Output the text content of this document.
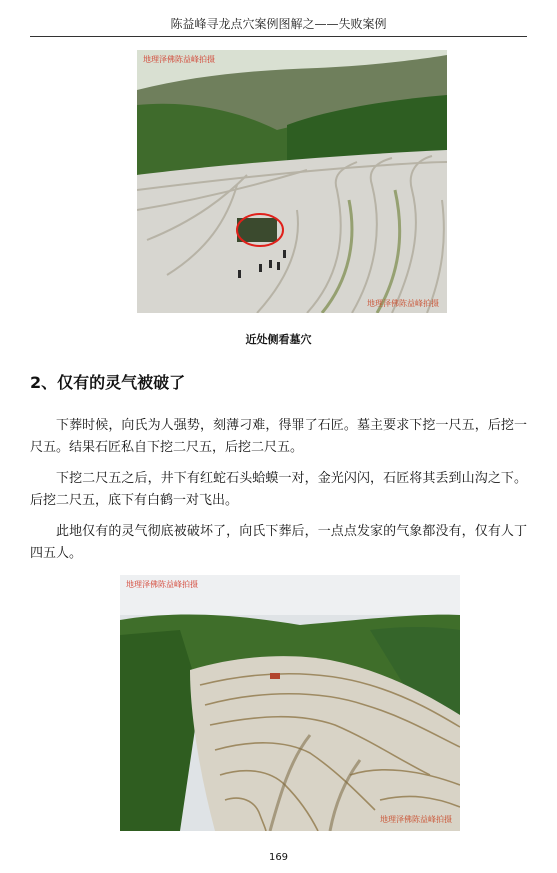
陈益峰寻龙点穴案例图解之——失败案例
地理泽佛陈益峰拍摄
地理泽佛陈益峰拍摄
近处侧看墓穴
2、仅有的灵气被破了

下葬时候，向氏为人强势，刻薄刁难，得罪了石匠。墓主要求下挖一尺五，后挖一尺五。结果石匠私自下挖二尺五，后挖二尺五。

下挖二尺五之后，井下有红蛇石头蛤蟆一对，金光闪闪，石匠将其丢到山沟之下。后挖二尺五，底下有白鹤一对飞出。

此地仅有的灵气彻底被破坏了，向氏下葬后，一点点发家的气象都没有，仅有人丁四五人。

地理泽佛陈益峰拍摄
地理泽佛陈益峰拍摄
169
